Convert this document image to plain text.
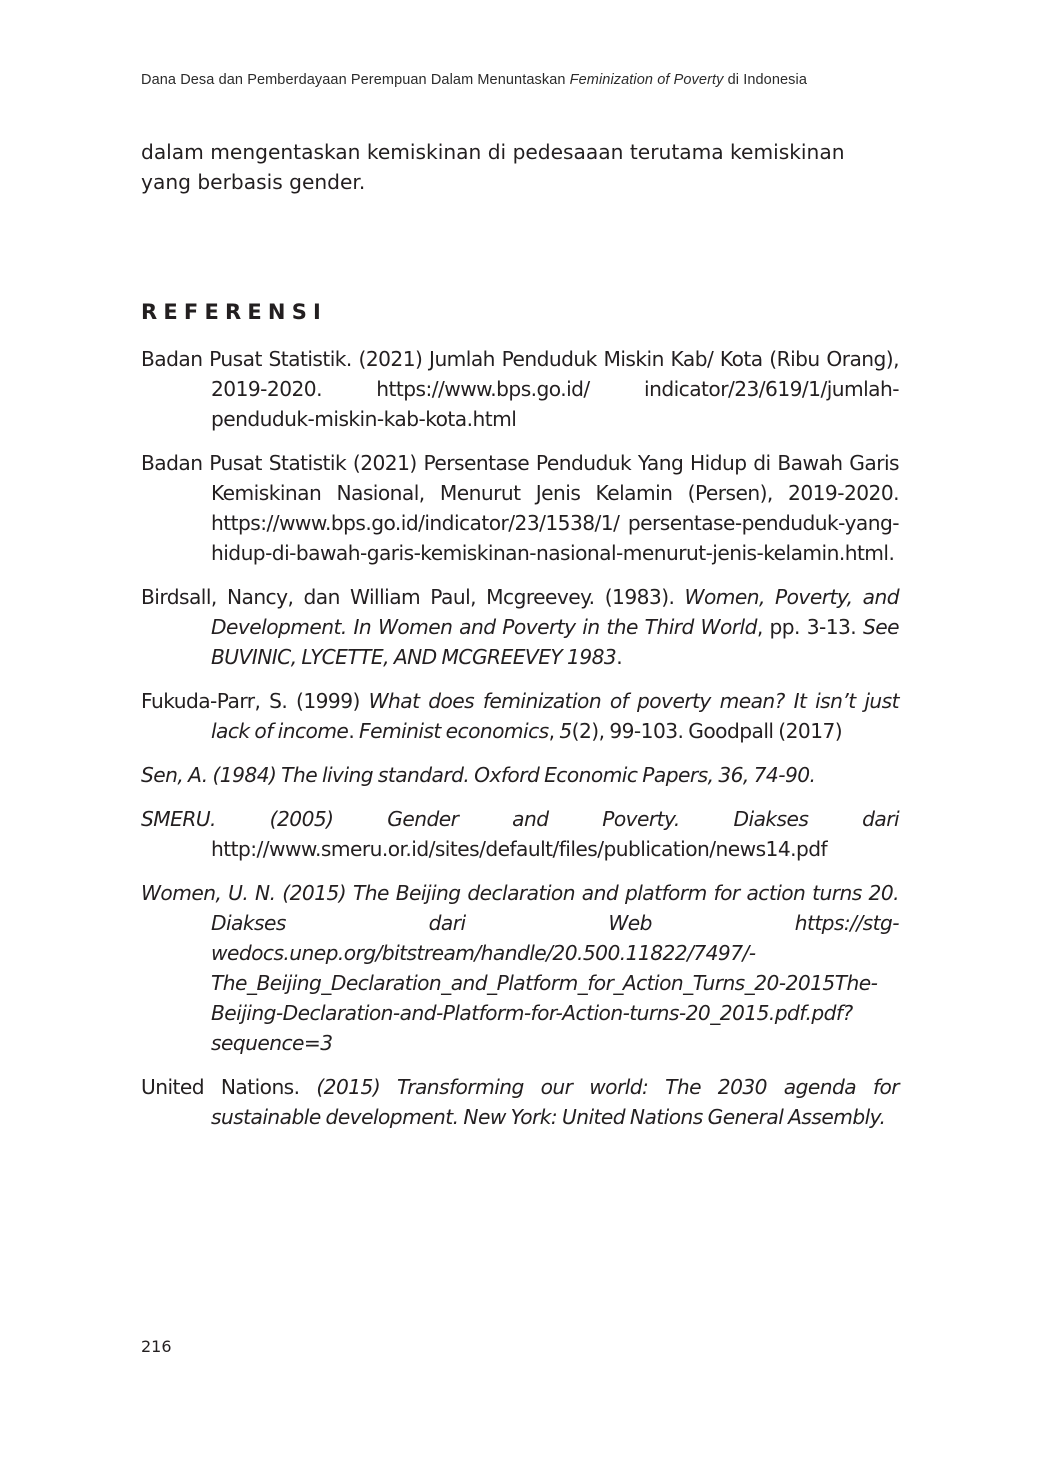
Dana Desa dan Pemberdayaan Perempuan Dalam Menuntaskan Feminization of Poverty di Indonesia
dalam mengentaskan kemiskinan di pedesaaan terutama kemiskinan yang berbasis gender.
REFERENSI

Badan Pusat Statistik. (2021) Jumlah Penduduk Miskin Kab/ Kota (Ribu Orang), 2019-2020. https://www.bps.go.id/ indicator/23/619/1/jumlah-penduduk-miskin-kab-kota.html

Badan Pusat Statistik (2021) Persentase Penduduk Yang Hidup di Bawah Garis Kemiskinan Nasional, Menurut Jenis Kelamin (Persen), 2019-2020. https://www.bps.go.id/indicator/23/1538/1/ persentase-penduduk-yang-hidup-di-bawah-garis-kemiskinan-nasional-menurut-jenis-kelamin.html.

Birdsall, Nancy, dan William Paul, Mcgreevey. (1983). Women, Poverty, and Development. In Women and Poverty in the Third World, pp. 3-13. See BUVINIC, LYCETTE, AND MCGREEVEY 1983.

Fukuda-Parr, S. (1999) What does feminization of poverty mean? It isn’t just lack of income. Feminist economics, 5(2), 99-103. Goodpall (2017)

Sen, A. (1984) The living standard. Oxford Economic Papers, 36, 74-90.

SMERU. (2005) Gender and Poverty. Diakses dari http://www.smeru.or.id/sites/default/files/publication/news14.pdf

Women, U. N. (2015) The Beijing declaration and platform for action turns 20. Diakses dari Web https://stg-wedocs.unep.org/bitstream/handle/20.500.11822/7497/-The_Beijing_Declaration_and_Platform_for_Action_Turns_20-2015The-Beijing-Declaration-and-Platform-for-Action-turns-20_2015.pdf.pdf?sequence=3

United Nations. (2015) Transforming our world: The 2030 agenda for sustainable development. New York: United Nations General Assembly.

216
